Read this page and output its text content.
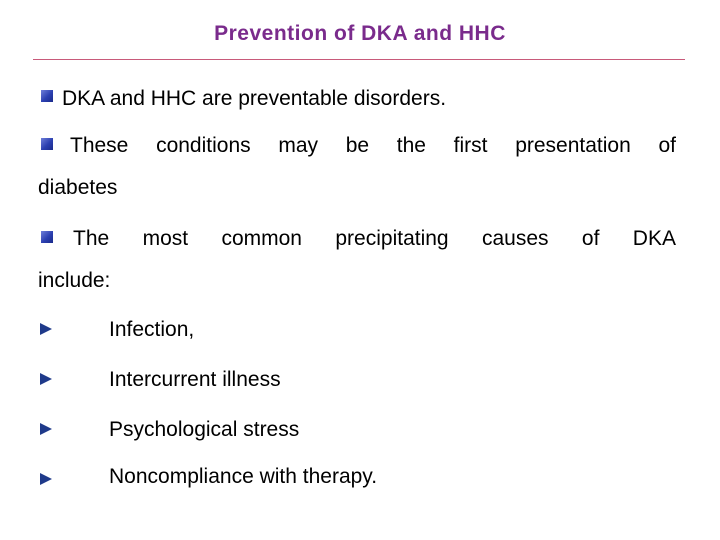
Prevention of DKA and HHC
DKA and HHC are preventable disorders.
These conditions may be the first presentation of
diabetes
The most common precipitating causes of DKA
include:
Infection,
Intercurrent illness
Psychological stress
Noncompliance with therapy.
